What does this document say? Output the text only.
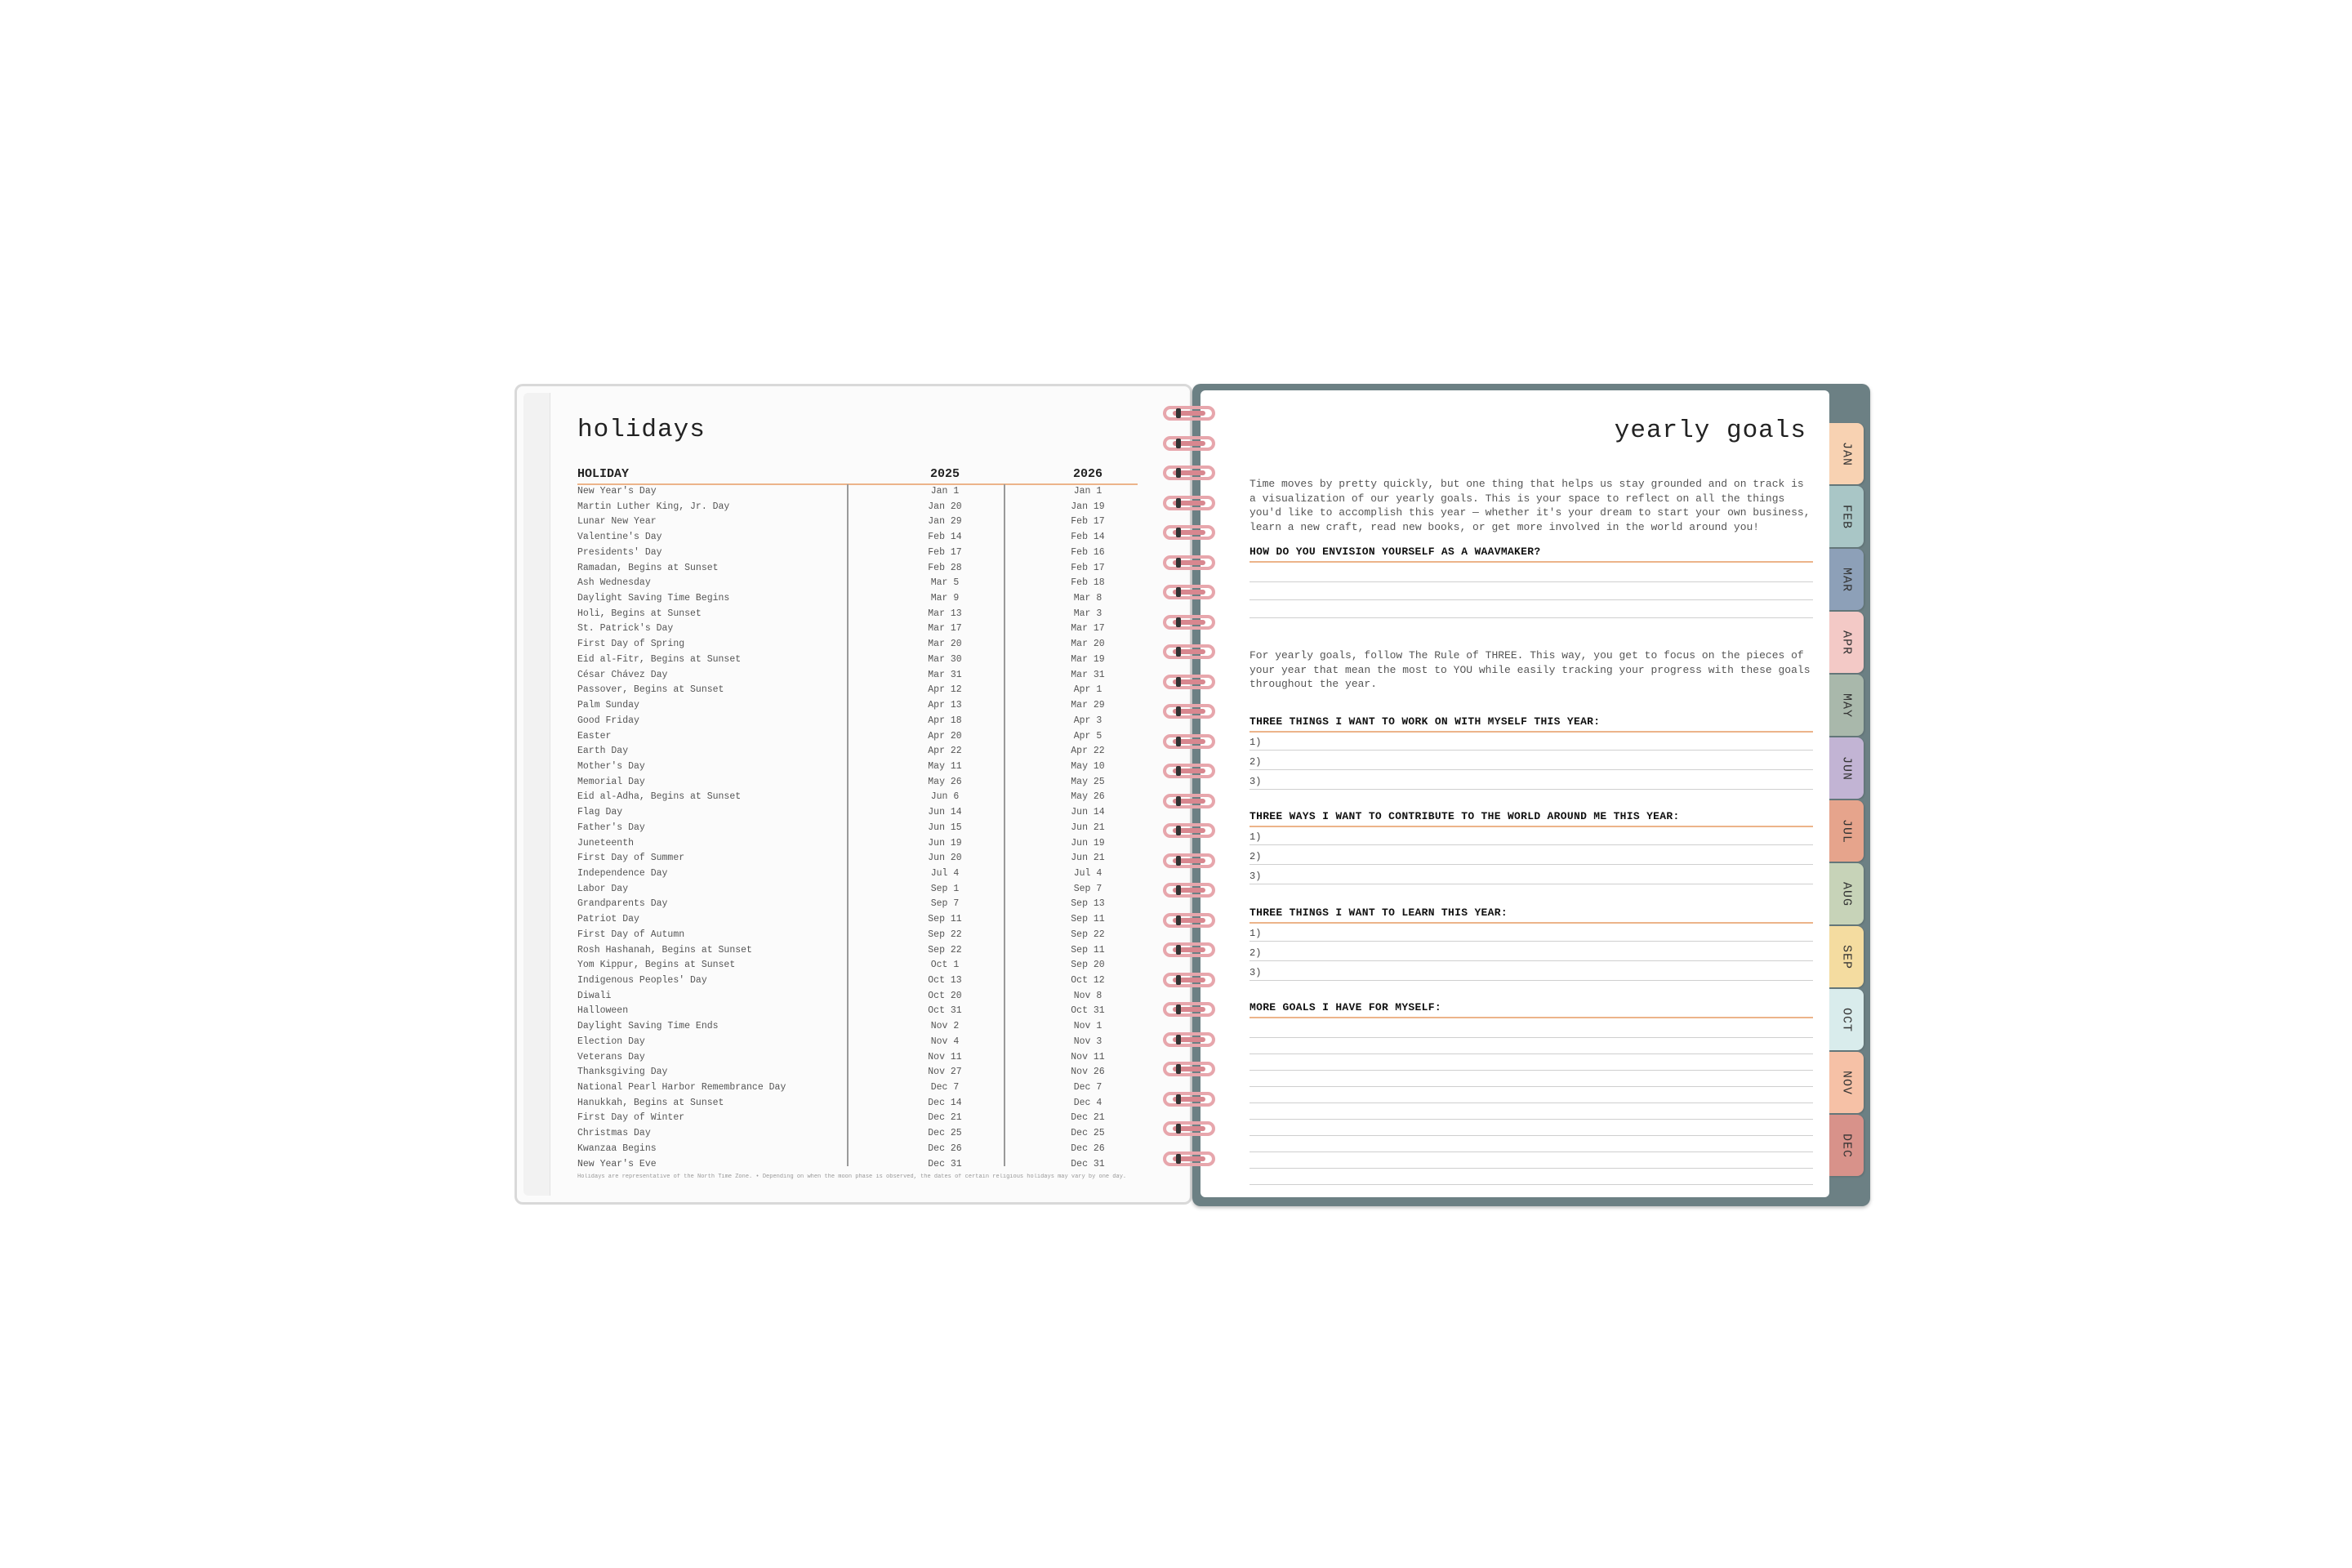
holidays
HOLIDAY	2025	2026
New Year's Day	Jan 1	Jan 1
Martin Luther King, Jr. Day	Jan 20	Jan 19
Lunar New Year	Jan 29	Feb 17
Valentine's Day	Feb 14	Feb 14
Presidents' Day	Feb 17	Feb 16
Ramadan, Begins at Sunset	Feb 28	Feb 17
Ash Wednesday	Mar 5	Feb 18
Daylight Saving Time Begins	Mar 9	Mar 8
Holi, Begins at Sunset	Mar 13	Mar 3
St. Patrick's Day	Mar 17	Mar 17
First Day of Spring	Mar 20	Mar 20
Eid al-Fitr, Begins at Sunset	Mar 30	Mar 19
César Chávez Day	Mar 31	Mar 31
Passover, Begins at Sunset	Apr 12	Apr 1
Palm Sunday	Apr 13	Mar 29
Good Friday	Apr 18	Apr 3
Easter	Apr 20	Apr 5
Earth Day	Apr 22	Apr 22
Mother's Day	May 11	May 10
Memorial Day	May 26	May 25
Eid al-Adha, Begins at Sunset	Jun 6	May 26
Flag Day	Jun 14	Jun 14
Father's Day	Jun 15	Jun 21
Juneteenth	Jun 19	Jun 19
First Day of Summer	Jun 20	Jun 21
Independence Day	Jul 4	Jul 4
Labor Day	Sep 1	Sep 7
Grandparents Day	Sep 7	Sep 13
Patriot Day	Sep 11	Sep 11
First Day of Autumn	Sep 22	Sep 22
Rosh Hashanah, Begins at Sunset	Sep 22	Sep 11
Yom Kippur, Begins at Sunset	Oct 1	Sep 20
Indigenous Peoples' Day	Oct 13	Oct 12
Diwali	Oct 20	Nov 8
Halloween	Oct 31	Oct 31
Daylight Saving Time Ends	Nov 2	Nov 1
Election Day	Nov 4	Nov 3
Veterans Day	Nov 11	Nov 11
Thanksgiving Day	Nov 27	Nov 26
National Pearl Harbor Remembrance Day	Dec 7	Dec 7
Hanukkah, Begins at Sunset	Dec 14	Dec 4
First Day of Winter	Dec 21	Dec 21
Christmas Day	Dec 25	Dec 25
Kwanzaa Begins	Dec 26	Dec 26
New Year's Eve	Dec 31	Dec 31
Holidays are representative of the North Time Zone. • Depending on when the moon phase is observed, the dates of certain religious holidays may vary by one day.
yearly goals
Time moves by pretty quickly, but one thing that helps us stay grounded and on track is a visualization of our yearly goals. This is your space to reflect on all the things you'd like to accomplish this year — whether it's your dream to start your own business, learn a new craft, read new books, or get more involved in the world around you!
HOW DO YOU ENVISION YOURSELF AS A WAAVMAKER?
For yearly goals, follow The Rule of THREE. This way, you get to focus on the pieces of your year that mean the most to YOU while easily tracking your progress with these goals throughout the year.
THREE THINGS I WANT TO WORK ON WITH MYSELF THIS YEAR:
1)
2)
3)
THREE WAYS I WANT TO CONTRIBUTE TO THE WORLD AROUND ME THIS YEAR:
1)
2)
3)
THREE THINGS I WANT TO LEARN THIS YEAR:
1)
2)
3)
MORE GOALS I HAVE FOR MYSELF:
JAN
FEB
MAR
APR
MAY
JUN
JUL
AUG
SEP
OCT
NOV
DEC
